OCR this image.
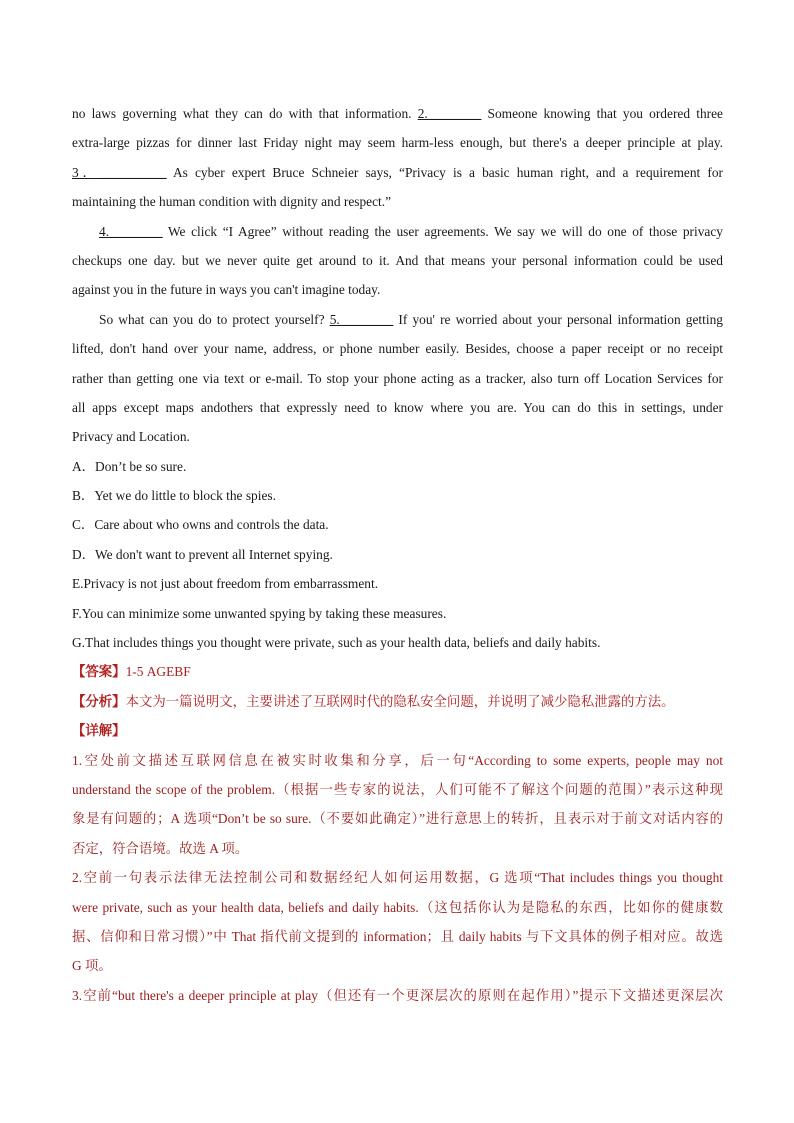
no laws governing what they can do with that information. 2.________ Someone knowing that you ordered three
extra-large pizzas for dinner last Friday night may seem harm-less enough, but there's a deeper principle at play.
3．__________ As cyber expert Bruce Schneier says, “Privacy is a basic human right, and a requirement for
maintaining the human condition with dignity and respect.”
4.________ We click “I Agree” without reading the user agreements. We say we will do one of those privacy
checkups one day. but we never quite get around to it. And that means your personal information could be used
against you in the future in ways you can't imagine today.
So what can you do to protect yourself? 5.________ If you' re worried about your personal information getting
lifted, don't hand over your name, address, or phone number easily. Besides, choose a paper receipt or no receipt
rather than getting one via text or e-mail. To stop your phone acting as a tracker, also turn off Location Services for
all apps except maps andothers that expressly need to know where you are. You can do this in settings, under
Privacy and Location.
A．Don’t be so sure.
B．Yet we do little to block the spies.
C．Care about who owns and controls the data.
D．We don't want to prevent all Internet spying.
E.Privacy is not just about freedom from embarrassment.
F.You can minimize some unwanted spying by taking these measures.
G.That includes things you thought were private, such as your health data, beliefs and daily habits.
【答案】1-5 AGEBF
【分析】本文为一篇说明文，主要讲述了互联网时代的隐私安全问题，并说明了减少隐私泄露的方法。
【详解】
1.空处前文描述互联网信息在被实时收集和分享，后一句“According to some experts, people may not
understand the scope of the problem.（根据一些专家的说法，人们可能不了解这个问题的范围）”表示这种现
象是有问题的；A 选项“Don’t be so sure.（不要如此确定）”进行意思上的转折，且表示对于前文对话内容的
否定，符合语境。故选 A 项。
2.空前一句表示法律无法控制公司和数据经纪人如何运用数据，G 选项“That includes things you thought
were private, such as your health data, beliefs and daily habits.（这包括你认为是隐私的东西，比如你的健康数
据、信仰和日常习惯）”中 That 指代前文提到的 information；且 daily habits 与下文具体的例子相对应。故选
G 项。
3.空前“but there's a deeper principle at play（但还有一个更深层次的原则在起作用）”提示下文描述更深层次
